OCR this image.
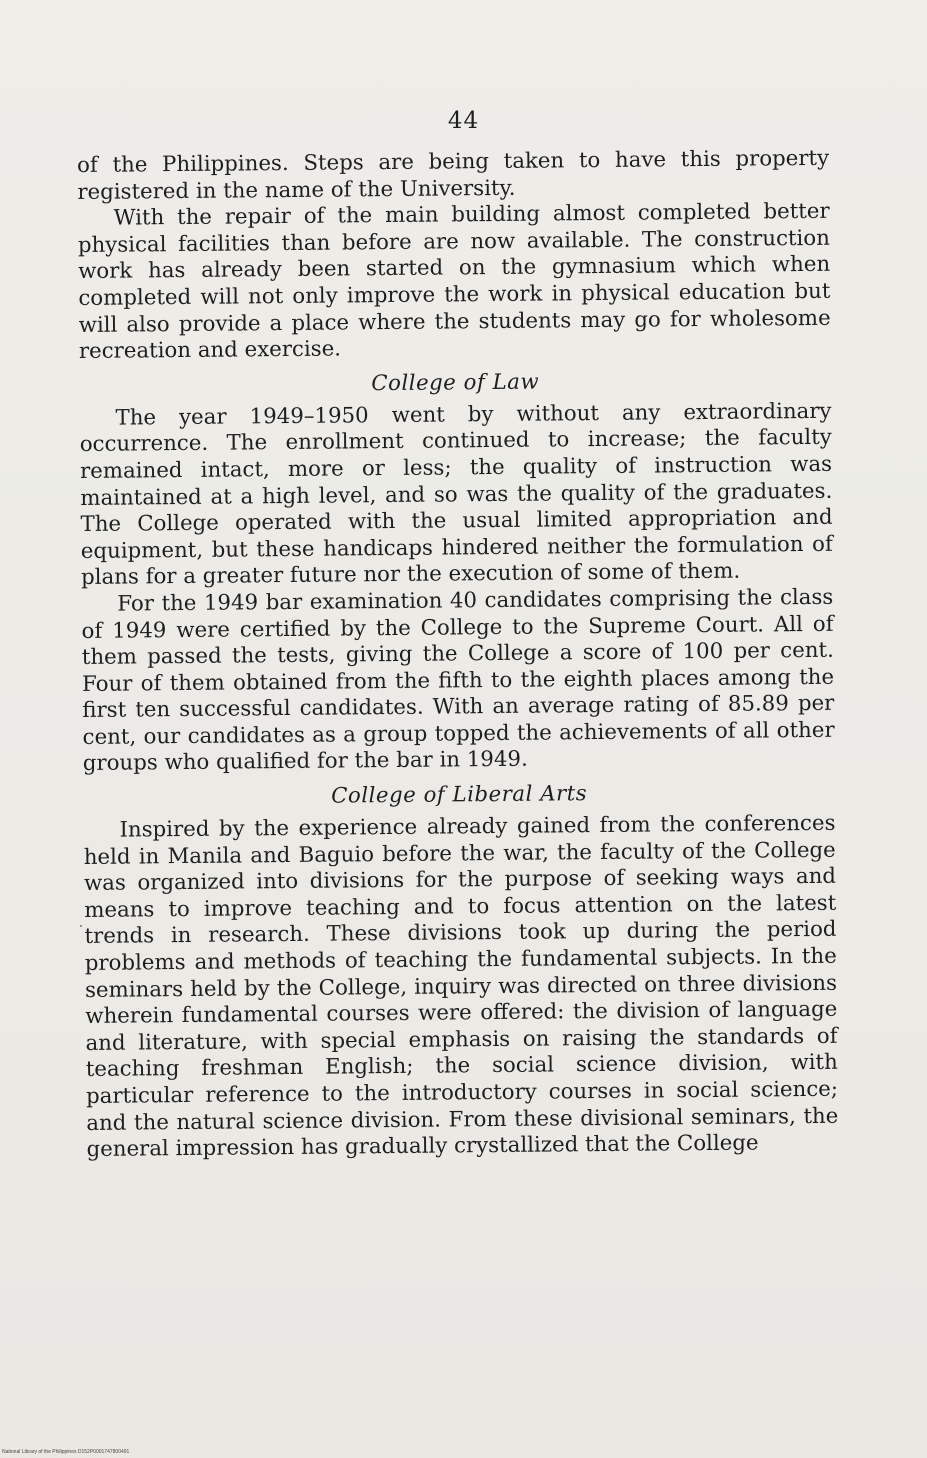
44

of the Philippines. Steps are being taken to have this property registered in the name of the University.

With the repair of the main building almost completed better physical facilities than before are now available. The construction work has already been started on the gymnasium which when completed will not only improve the work in physical education but will also provide a place where the students may go for wholesome recreation and exercise.

College of Law

The year 1949–1950 went by without any extraordinary occurrence. The enrollment continued to increase; the faculty remained intact, more or less; the quality of instruction was maintained at a high level, and so was the quality of the graduates. The College operated with the usual limited appropriation and equipment, but these handicaps hindered neither the formulation of plans for a greater future nor the execution of some of them.

For the 1949 bar examination 40 candidates comprising the class of 1949 were certified by the College to the Supreme Court. All of them passed the tests, giving the College a score of 100 per cent. Four of them obtained from the fifth to the eighth places among the first ten successful candidates. With an average rating of 85.89 per cent, our candidates as a group topped the achievements of all other groups who qualified for the bar in 1949.

College of Liberal Arts

Inspired by the experience already gained from the conferences held in Manila and Baguio before the war, the faculty of the College was organized into divisions for the purpose of seeking ways and means to improve teaching and to focus attention on the latest trends in research. These divisions took up during the period problems and methods of teaching the fundamental subjects. In the seminars held by the College, inquiry was directed on three divisions wherein fundamental courses were offered: the division of language and literature, with special emphasis on raising the standards of teaching freshman English; the social science division, with particular reference to the introductory courses in social science; and the natural science division. From these divisional seminars, the general impression has gradually crystallized that the College

National Library of the Philippines D152P0001747800491
